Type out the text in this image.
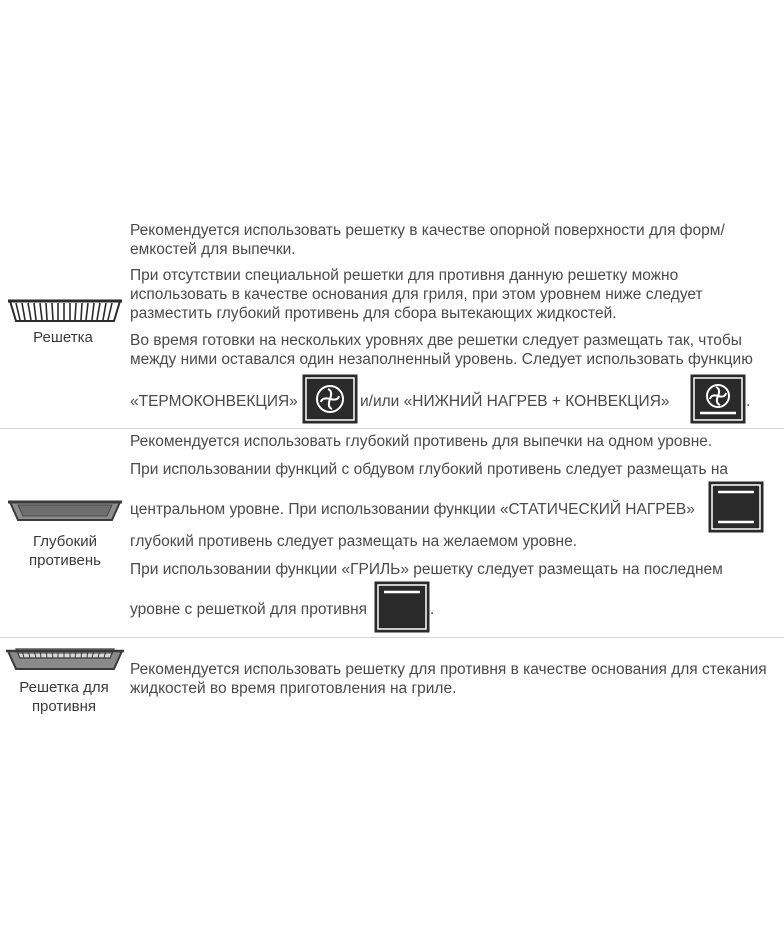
Решетка
Рекомендуется использовать решетку в качестве опорной поверхности для форм/
емкостей для выпечки.
При отсутствии специальной решетки для противня данную решетку можно
использовать в качестве основания для гриля, при этом уровнем ниже следует
разместить глубокий противень для сбора вытекающих жидкостей.
Во время готовки на нескольких уровнях две решетки следует размещать так, чтобы
между ними оставался один незаполненный уровень. Следует использовать функцию
«ТЕРМОКОНВЕКЦИЯ»	и/или «НИЖНИЙ НАГРЕВ + КОНВЕКЦИЯ»	.
Глубокий
противень
Рекомендуется использовать глубокий противень для выпечки на одном уровне.
При использовании функций с обдувом глубокий противень следует размещать на
центральном уровне. При использовании функции «СТАТИЧЕСКИЙ НАГРЕВ»
глубокий противень следует размещать на желаемом уровне.
При использовании функции «ГРИЛЬ» решетку следует размещать на последнем
уровне с решеткой для противня	.
Решетка для
противня
Рекомендуется использовать решетку для противня в качестве основания для стекания
жидкостей во время приготовления на гриле.
